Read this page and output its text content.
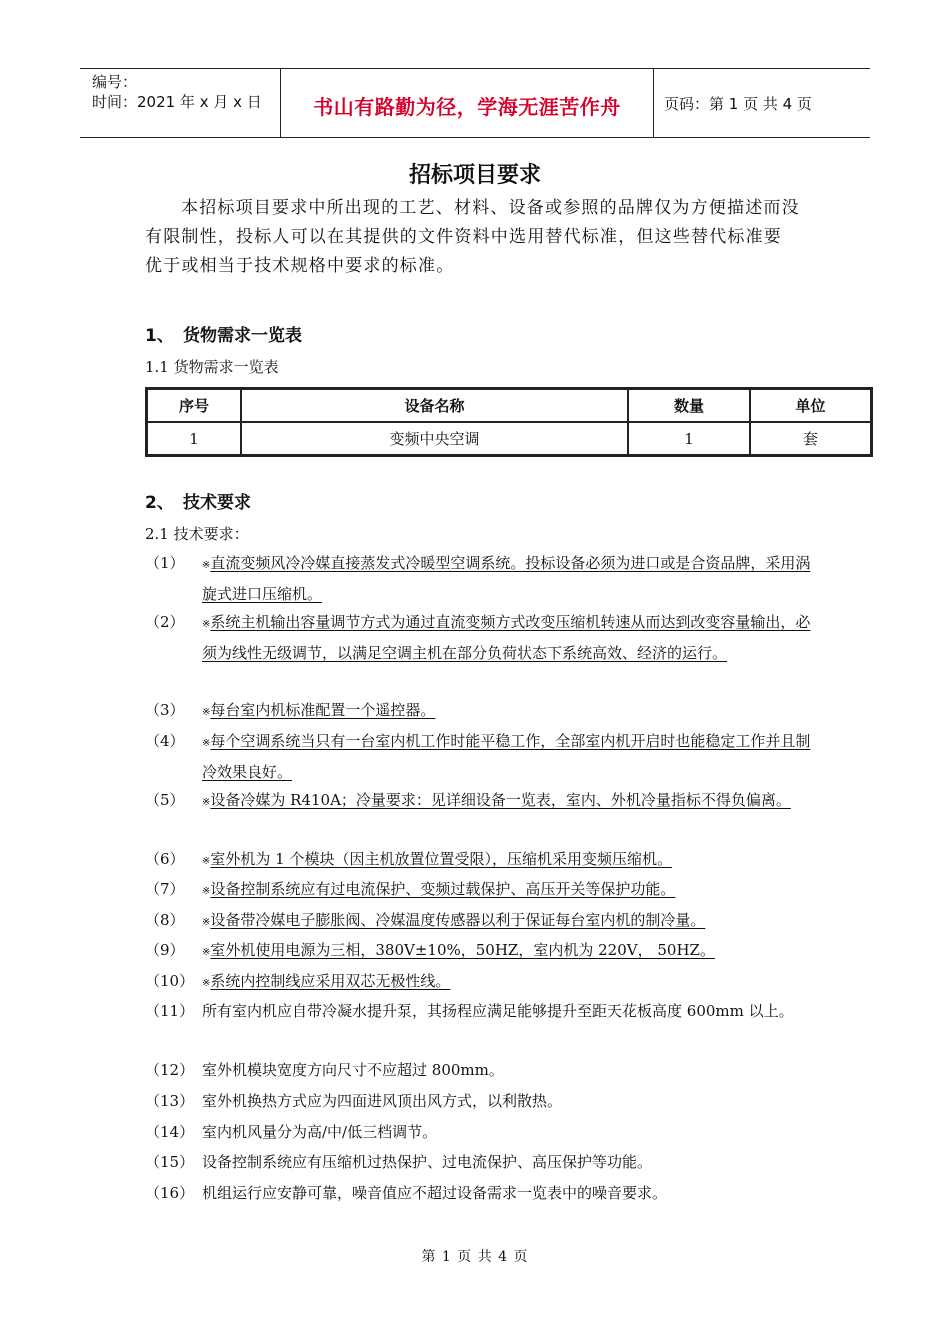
编号：
时间：2021 年 x 月 x 日	书山有路勤为径，学海无涯苦作舟	页码：第 1 页 共 4 页
招标项目要求

本招标项目要求中所出现的工艺、材料、设备或参照的品牌仅为方便描述而没有限制性，投标人可以在其提供的文件资料中选用替代标准，但这些替代标准要优于或相当于技术规格中要求的标准。

1、 货物需求一览表
1.1 货物需求一览表
序号	设备名称	数量	单位
1	变频中央空调	1	套
2、 技术要求
2.1 技术要求：
（1）	※直流变频风冷冷媒直接蒸发式冷暖型空调系统。投标设备必须为进口或是合资品牌，采用涡旋式进口压缩机。
（2）	※系统主机输出容量调节方式为通过直流变频方式改变压缩机转速从而达到改变容量输出，必须为线性无级调节，以满足空调主机在部分负荷状态下系统高效、经济的运行。
（3）	※每台室内机标准配置一个遥控器。
（4）	※每个空调系统当只有一台室内机工作时能平稳工作，全部室内机开启时也能稳定工作并且制冷效果良好。
（5）	※设备冷媒为 R410A；冷量要求：见详细设备一览表，室内、外机冷量指标不得负偏离。
（6）	※室外机为 1 个模块（因主机放置位置受限），压缩机采用变频压缩机。
（7）	※设备控制系统应有过电流保护、变频过载保护、高压开关等保护功能。
（8）	※设备带冷媒电子膨胀阀、冷媒温度传感器以利于保证每台室内机的制冷量。
（9）	※室外机使用电源为三相，380V±10%，50HZ，室内机为 220V， 50HZ。
（10） ※系统内控制线应采用双芯无极性线。
（11） 所有室内机应自带冷凝水提升泵，其扬程应满足能够提升至距天花板高度 600mm 以上。
（12） 室外机模块宽度方向尺寸不应超过 800mm。
（13） 室外机换热方式应为四面进风顶出风方式，以利散热。
（14） 室内机风量分为高/中/低三档调节。
（15） 设备控制系统应有压缩机过热保护、过电流保护、高压保护等功能。
（16） 机组运行应安静可靠，噪音值应不超过设备需求一览表中的噪音要求。
第 1 页 共 4 页
